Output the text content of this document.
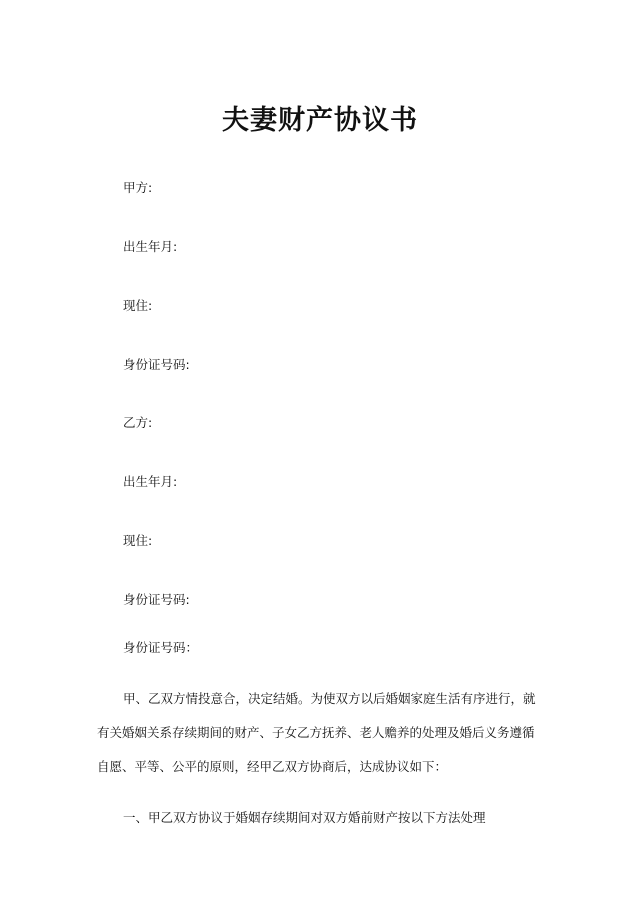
夫妻财产协议书
甲方:
出生年月:
现住:
身份证号码:
乙方:
出生年月:
现住:
身份证号码:
身份证号码：
甲、乙双方情投意合，决定结婚。为使双方以后婚姻家庭生活有序进行，就
有关婚姻关系存续期间的财产、子女乙方抚养、老人赡养的处理及婚后义务遵循
自愿、平等、公平的原则，经甲乙双方协商后，达成协议如下：
一、甲乙双方协议于婚姻存续期间对双方婚前财产按以下方法处理
